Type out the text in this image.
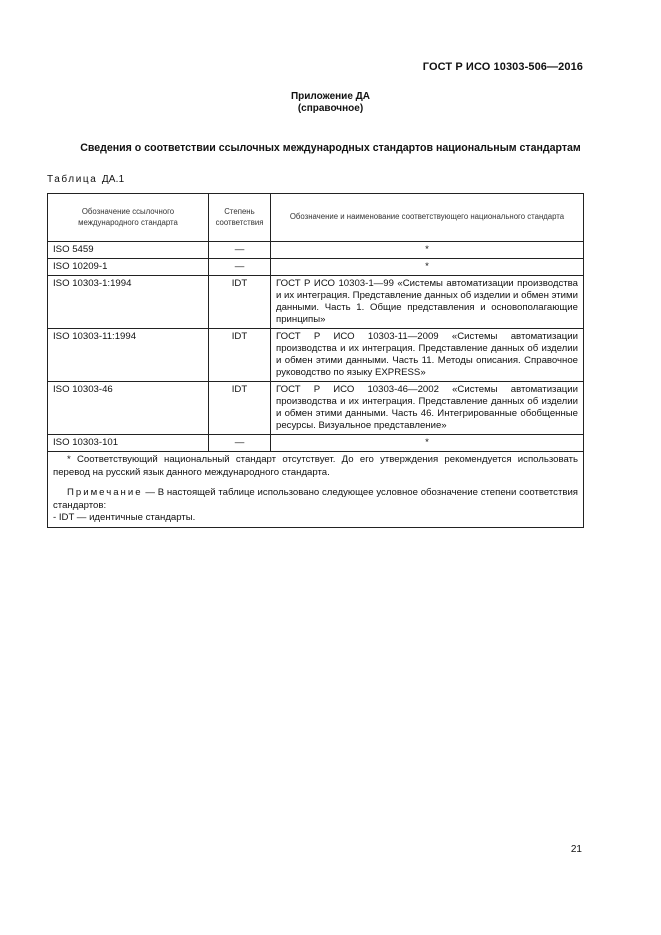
ГОСТ Р ИСО 10303-506—2016
Приложение ДА
(справочное)
Сведения о соответствии ссылочных международных стандартов национальным стандартам
Таблица ДА.1
Обозначение ссылочного международного стандарта	Степень соответствия	Обозначение и наименование соответствующего национального стандарта
ISO 5459	—	*
ISO 10209-1	—	*
ISO 10303-1:1994	IDT	ГОСТ Р ИСО 10303-1—99 «Системы автоматизации производства и их интеграция. Представление данных об изделии и обмен этими данными. Часть 1. Общие представления и основополагающие принципы»
ISO 10303-11:1994	IDT	ГОСТ Р ИСО 10303-11—2009 «Системы автоматизации производства и их интеграция. Представление данных об изделии и обмен этими данными. Часть 11. Методы описания. Справочное руководство по языку EXPRESS»
ISO 10303-46	IDT	ГОСТ Р ИСО 10303-46—2002 «Системы автоматизации производства и их интеграция. Представление данных об изделии и обмен этими данными. Часть 46. Интегрированные обобщенные ресурсы. Визуальное представление»
ISO 10303-101	—	*

* Соответствующий национальный стандарт отсутствует. До его утверждения рекомендуется использовать перевод на русский язык данного международного стандарта.
Примечание — В настоящей таблице использовано следующее условное обозначение степени соответствия стандартов:
- IDT — идентичные стандарты.		
21
